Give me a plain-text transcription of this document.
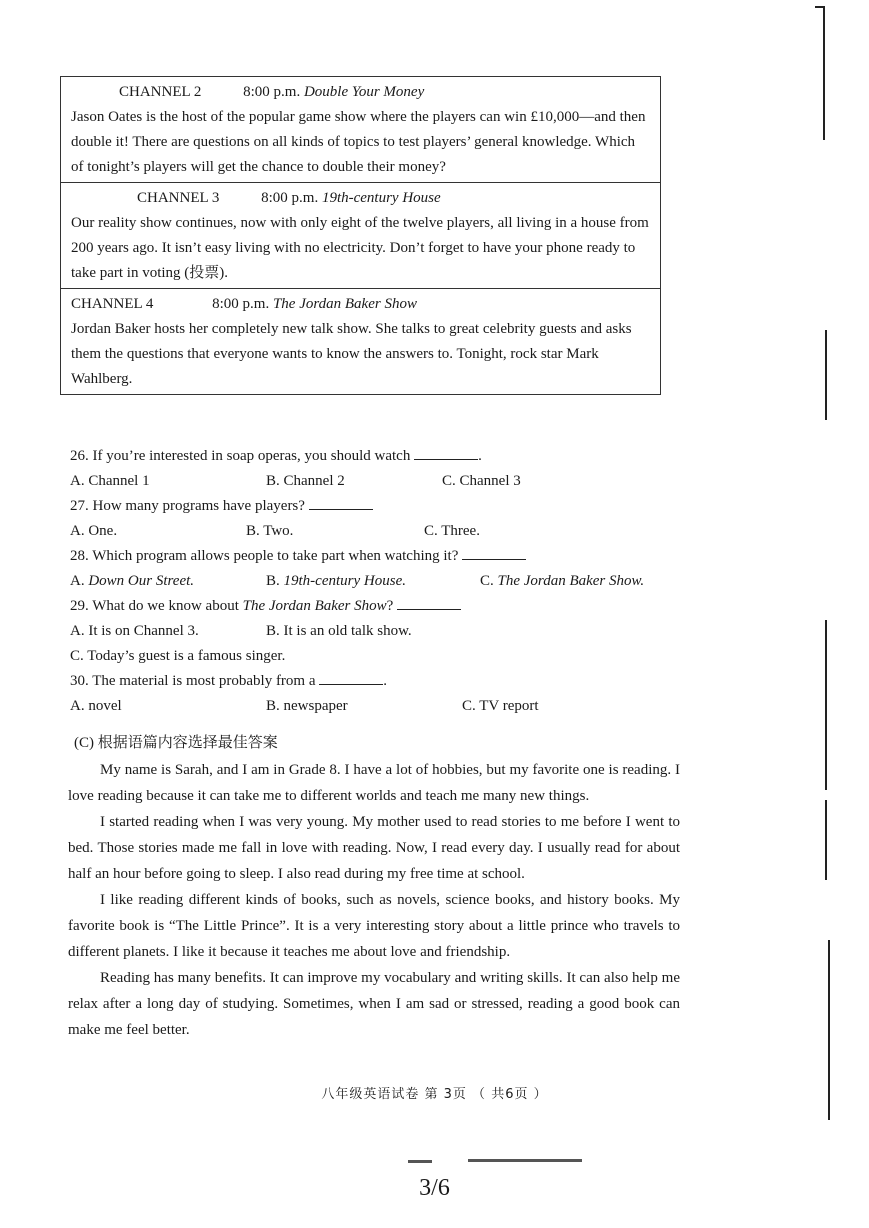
CHANNEL 2	8:00 p.m. Double Your Money

Jason Oates is the host of the popular game show where the players can win £10,000—and then double it! There are questions on all kinds of topics to test players’ general knowledge. Which of tonight’s players will get the chance to double their money?

CHANNEL 3	8:00 p.m. 19th-century House

Our reality show continues, now with only eight of the twelve players, all living in a house from 200 years ago. It isn’t easy living with no electricity. Don’t forget to have your phone ready to take part in voting (投票).

CHANNEL 4	8:00 p.m. The Jordan Baker Show

Jordan Baker hosts her completely new talk show. She talks to great celebrity guests and asks them the questions that everyone wants to know the answers to. Tonight, rock star Mark Wahlberg.

26. If you’re interested in soap operas, you should watch	.
A. Channel 1	B. Channel 2	C. Channel 3
27. How many programs have players?
A. One.	B. Two.	C. Three.
28. Which program allows people to take part when watching it?
A. Down Our Street.	B. 19th-century House.	C. The Jordan Baker Show.
29. What do we know about The Jordan Baker Show?
A. It is on Channel 3.	B. It is an old talk show.
C. Today’s guest is a famous singer.
30. The material is most probably from a	.
A. novel	B. newspaper	C. TV report
(C) 根据语篇内容选择最佳答案

My name is Sarah, and I am in Grade 8. I have a lot of hobbies, but my favorite one is reading. I love reading because it can take me to different worlds and teach me many new things.

I started reading when I was very young. My mother used to read stories to me before I went to bed. Those stories made me fall in love with reading. Now, I read every day. I usually read for about half an hour before going to sleep. I also read during my free time at school.

I like reading different kinds of books, such as novels, science books, and history books. My favorite book is “The Little Prince”. It is a very interesting story about a little prince who travels to different planets. I like it because it teaches me about love and friendship.

Reading has many benefits. It can improve my vocabulary and writing skills. It can also help me relax after a long day of studying. Sometimes, when I am sad or stressed, reading a good book can make me feel better.

八年级英语试卷 第 3页 （ 共6页 ）
3/6
